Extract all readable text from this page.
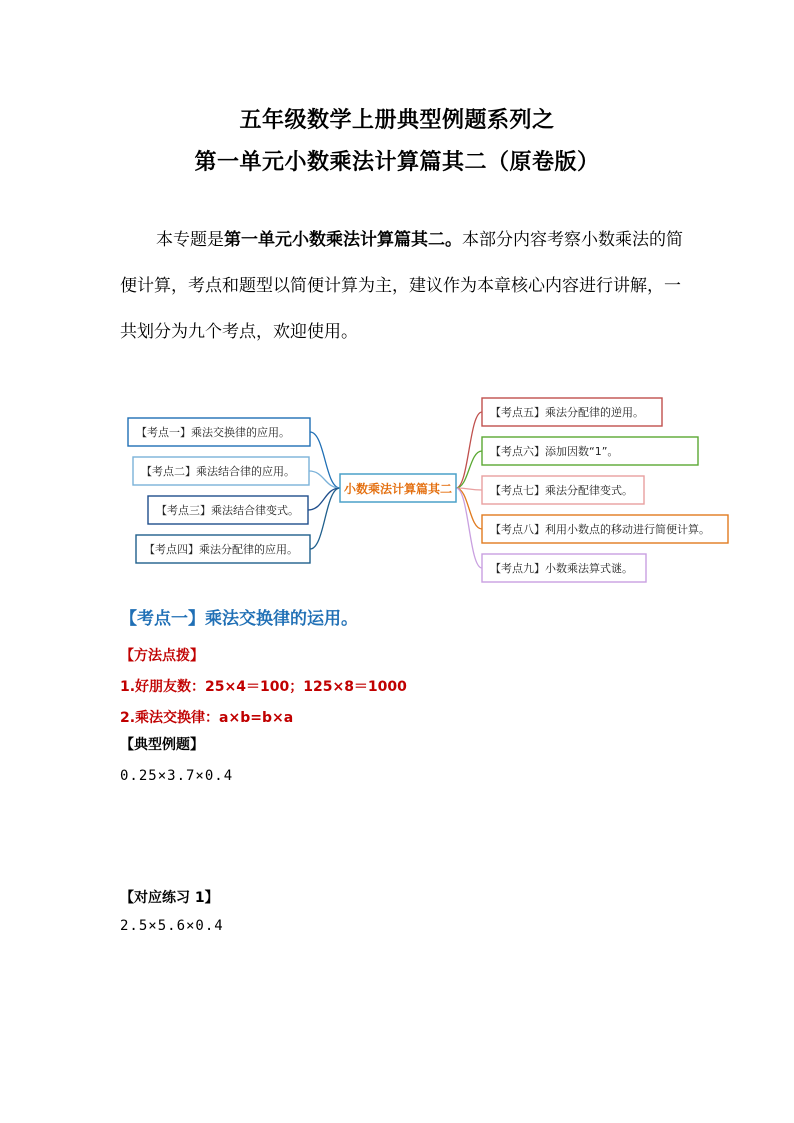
五年级数学上册典型例题系列之
第一单元小数乘法计算篇其二（原卷版）

本专题是第一单元小数乘法计算篇其二。本部分内容考察小数乘法的简便计算，考点和题型以简便计算为主，建议作为本章核心内容进行讲解，一共划分为九个考点，欢迎使用。

小数乘法计算篇其二
【考点一】乘法交换律的应用。
【考点二】乘法结合律的应用。
【考点三】乘法结合律变式。
【考点四】乘法分配律的应用。
【考点五】乘法分配律的逆用。
【考点六】添加因数“1”。
【考点七】乘法分配律变式。
【考点八】利用小数点的移动进行简便计算。
【考点九】小数乘法算式谜。
【考点一】乘法交换律的运用。
【方法点拨】
1.好朋友数：25×4＝100；125×8＝1000
2.乘法交换律：a×b=b×a
【典型例题】
0.25×3.7×0.4
【对应练习 1】
2.5×5.6×0.4
